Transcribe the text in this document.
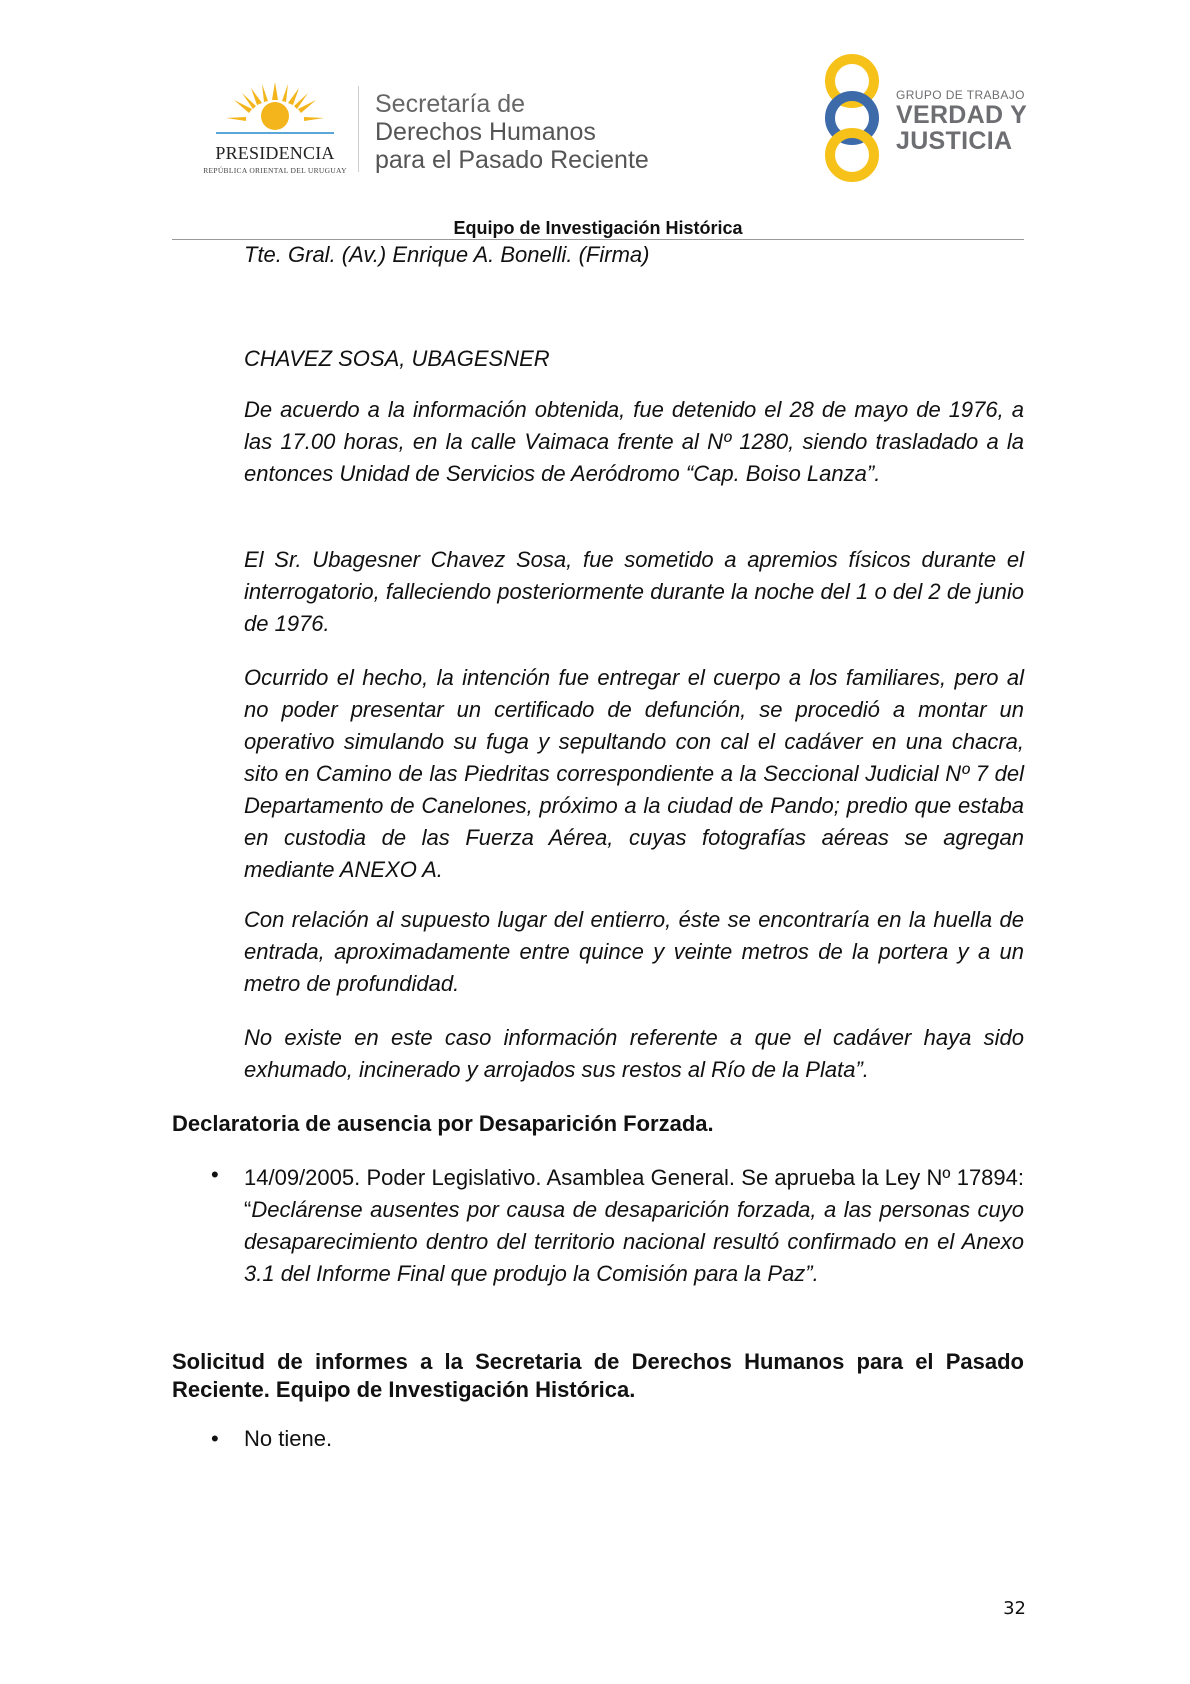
PRESIDENCIA
REPÚBLICA ORIENTAL DEL URUGUAY
Secretaría de
Derechos Humanos
para el Pasado Reciente
GRUPO DE TRABAJO
VERDAD Y
JUSTICIA
Equipo de Investigación Histórica
Tte. Gral. (Av.) Enrique A. Bonelli. (Firma)
CHAVEZ SOSA, UBAGESNER

De acuerdo a la información obtenida, fue detenido el 28 de mayo de 1976, a las 17.00 horas, en la calle Vaimaca frente al Nº 1280, siendo trasladado a la entonces Unidad de Servicios de Aeródromo “Cap. Boiso Lanza”.

El Sr. Ubagesner Chavez Sosa, fue sometido a apremios físicos durante el interrogatorio, falleciendo posteriormente durante la noche del 1 o del 2 de junio de 1976.

Ocurrido el hecho, la intención fue entregar el cuerpo a los familiares, pero al no poder presentar un certificado de defunción, se procedió a montar un operativo simulando su fuga y sepultando con cal el cadáver en una chacra, sito en Camino de las Piedritas correspondiente a la Seccional Judicial Nº 7 del Departamento de Canelones, próximo a la ciudad de Pando; predio que estaba en custodia de las Fuerza Aérea, cuyas fotografías aéreas se agregan mediante ANEXO A.

Con relación al supuesto lugar del entierro, éste se encontraría en la huella de entrada, aproximadamente entre quince y veinte metros de la portera y a un metro de profundidad.

No existe en este caso información referente a que el cadáver haya sido exhumado, incinerado y arrojados sus restos al Río de la Plata”.

Declaratoria de ausencia por Desaparición Forzada.

• 14/09/2005. Poder Legislativo. Asamblea General. Se aprueba la Ley Nº 17894: “Declárense ausentes por causa de desaparición forzada, a las personas cuyo desaparecimiento dentro del territorio nacional resultó confirmado en el Anexo 3.1 del Informe Final que produjo la Comisión para la Paz”.

Solicitud de informes a la Secretaria de Derechos Humanos para el Pasado Reciente. Equipo de Investigación Histórica.

• No tiene.
32
